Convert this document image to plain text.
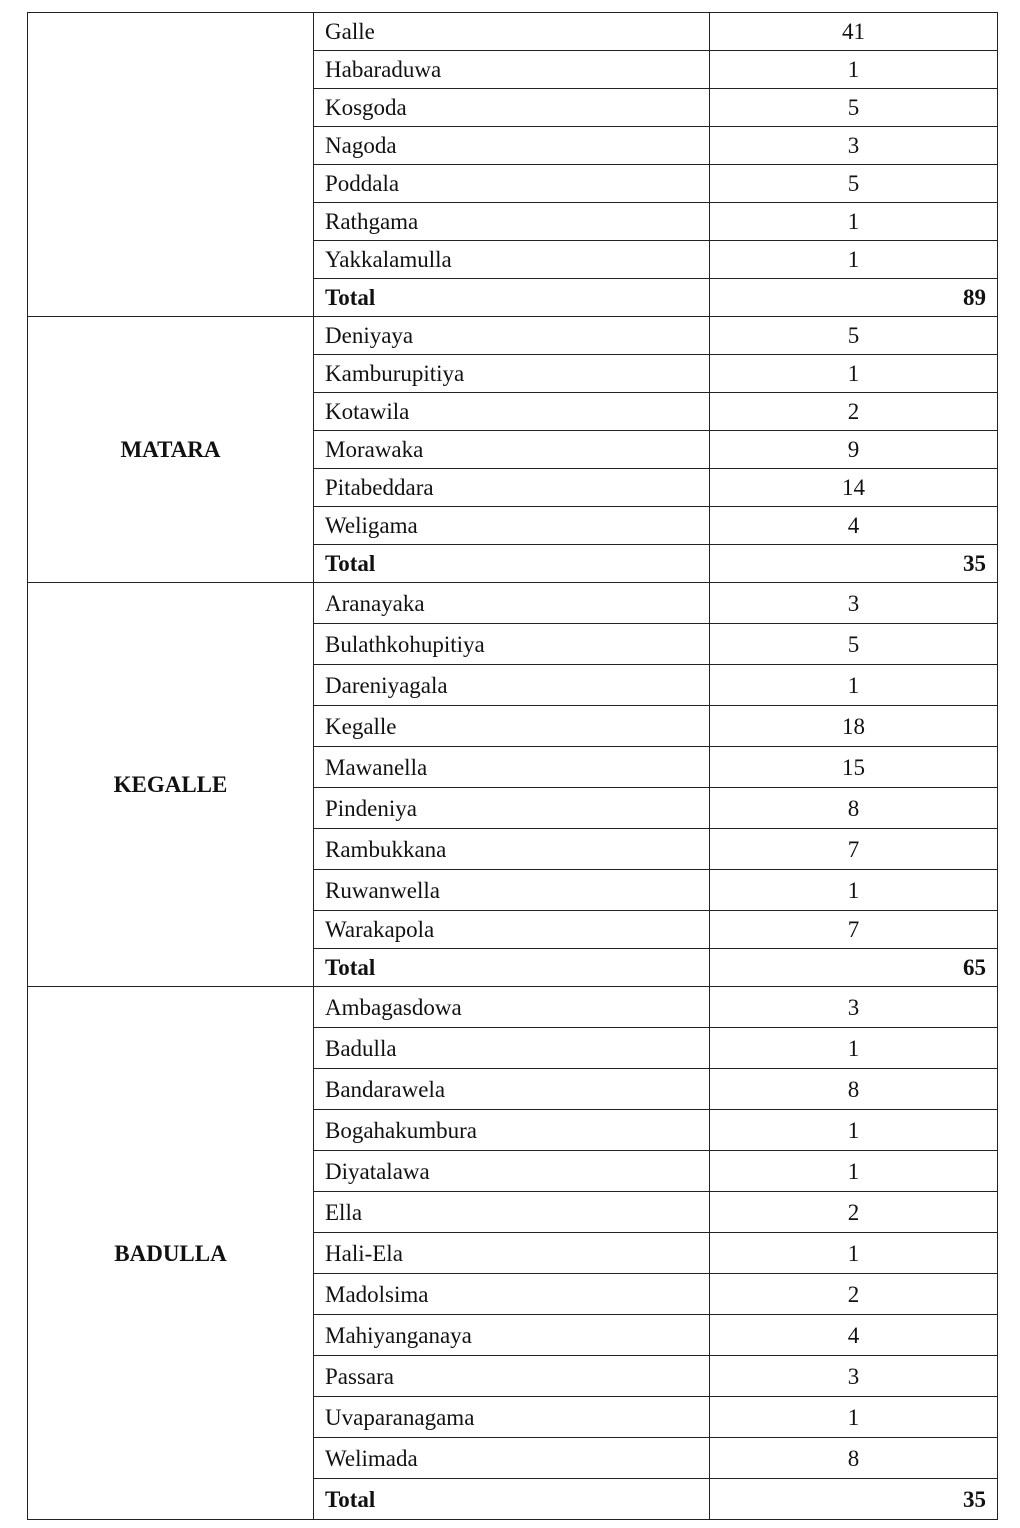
	Galle	41
	Habaraduwa	1
	Kosgoda	5
	Nagoda	3
	Poddala	5
	Rathgama	1
	Yakkalamulla	1
	Total	89
MATARA	Deniyaya	5
	Kamburupitiya	1
	Kotawila	2
	Morawaka	9
	Pitabeddara	14
	Weligama	4
	Total	35
KEGALLE	Aranayaka	3
	Bulathkohupitiya	5
	Dareniyagala	1
	Kegalle	18
	Mawanella	15
	Pindeniya	8
	Rambukkana	7
	Ruwanwella	1
	Warakapola	7
	Total	65
BADULLA	Ambagasdowa	3
	Badulla	1
	Bandarawela	8
	Bogahakumbura	1
	Diyatalawa	1
	Ella	2
	Hali-Ela	1
	Madolsima	2
	Mahiyanganaya	4
	Passara	3
	Uvaparanagama	1
	Welimada	8
	Total	35
